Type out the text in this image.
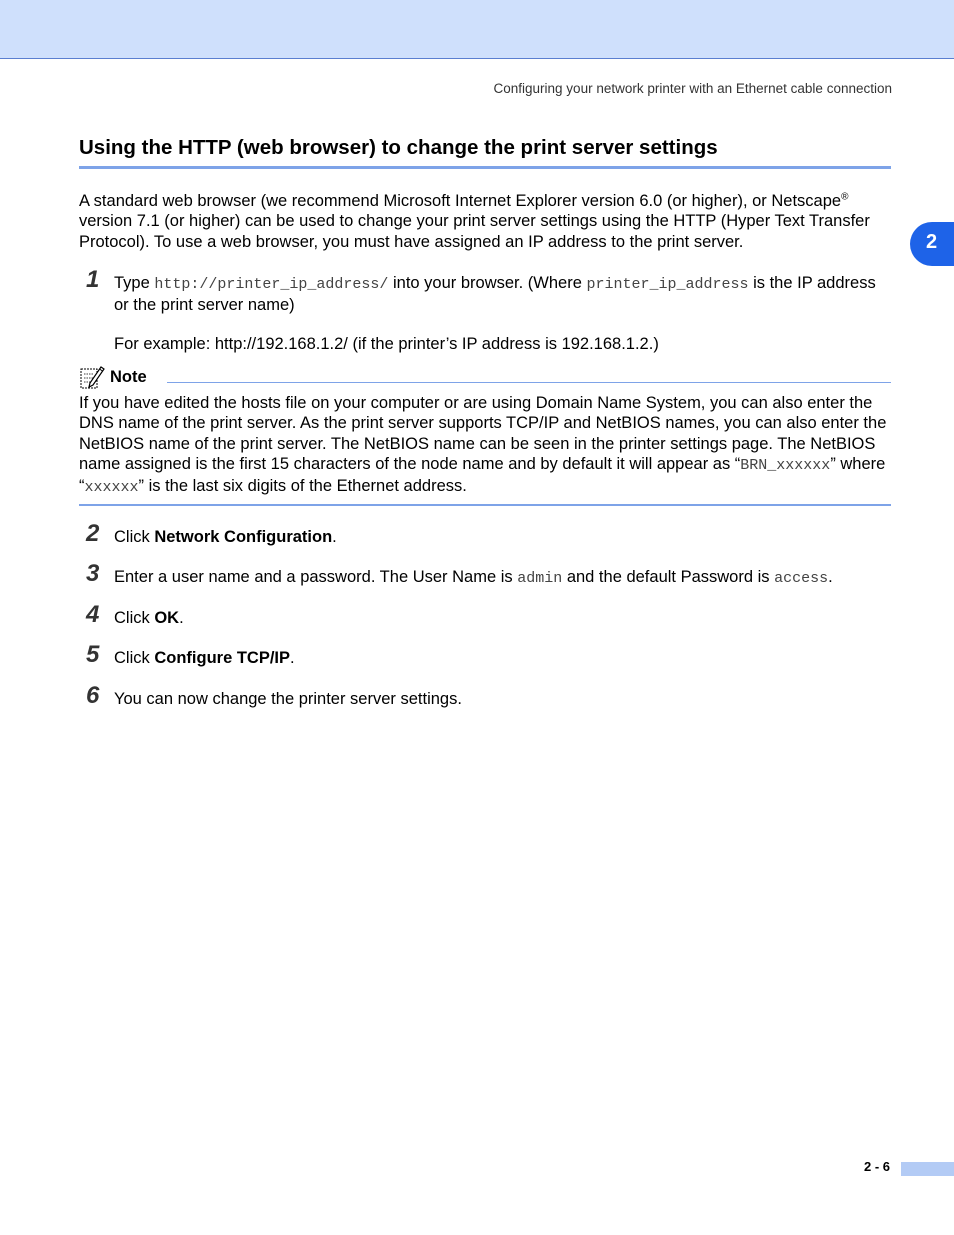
Configuring your network printer with an Ethernet cable connection
2
Using the HTTP (web browser) to change the print server settings

A standard web browser (we recommend Microsoft Internet Explorer version 6.0 (or higher), or Netscape®
version 7.1 (or higher) can be used to change your print server settings using the HTTP (Hyper Text Transfer Protocol). To use a web browser, you must have assigned an IP address to the print server.

1 Type http://printer_ip_address/ into your browser. (Where printer_ip_address is the IP address or the print server name)

For example: http://192.168.1.2/ (if the printer’s IP address is 192.168.1.2.)

Note

If you have edited the hosts file on your computer or are using Domain Name System, you can also enter the DNS name of the print server. As the print server supports TCP/IP and NetBIOS names, you can also enter the NetBIOS name of the print server. The NetBIOS name can be seen in the printer settings page. The NetBIOS name assigned is the first 15 characters of the node name and by default it will appear as “BRN_xxxxxx” where “xxxxxx” is the last six digits of the Ethernet address.

2 Click Network Configuration.

3 Enter a user name and a password. The User Name is admin and the default Password is access.

4 Click OK.

5 Click Configure TCP/IP.

6 You can now change the printer server settings.

2 - 6
